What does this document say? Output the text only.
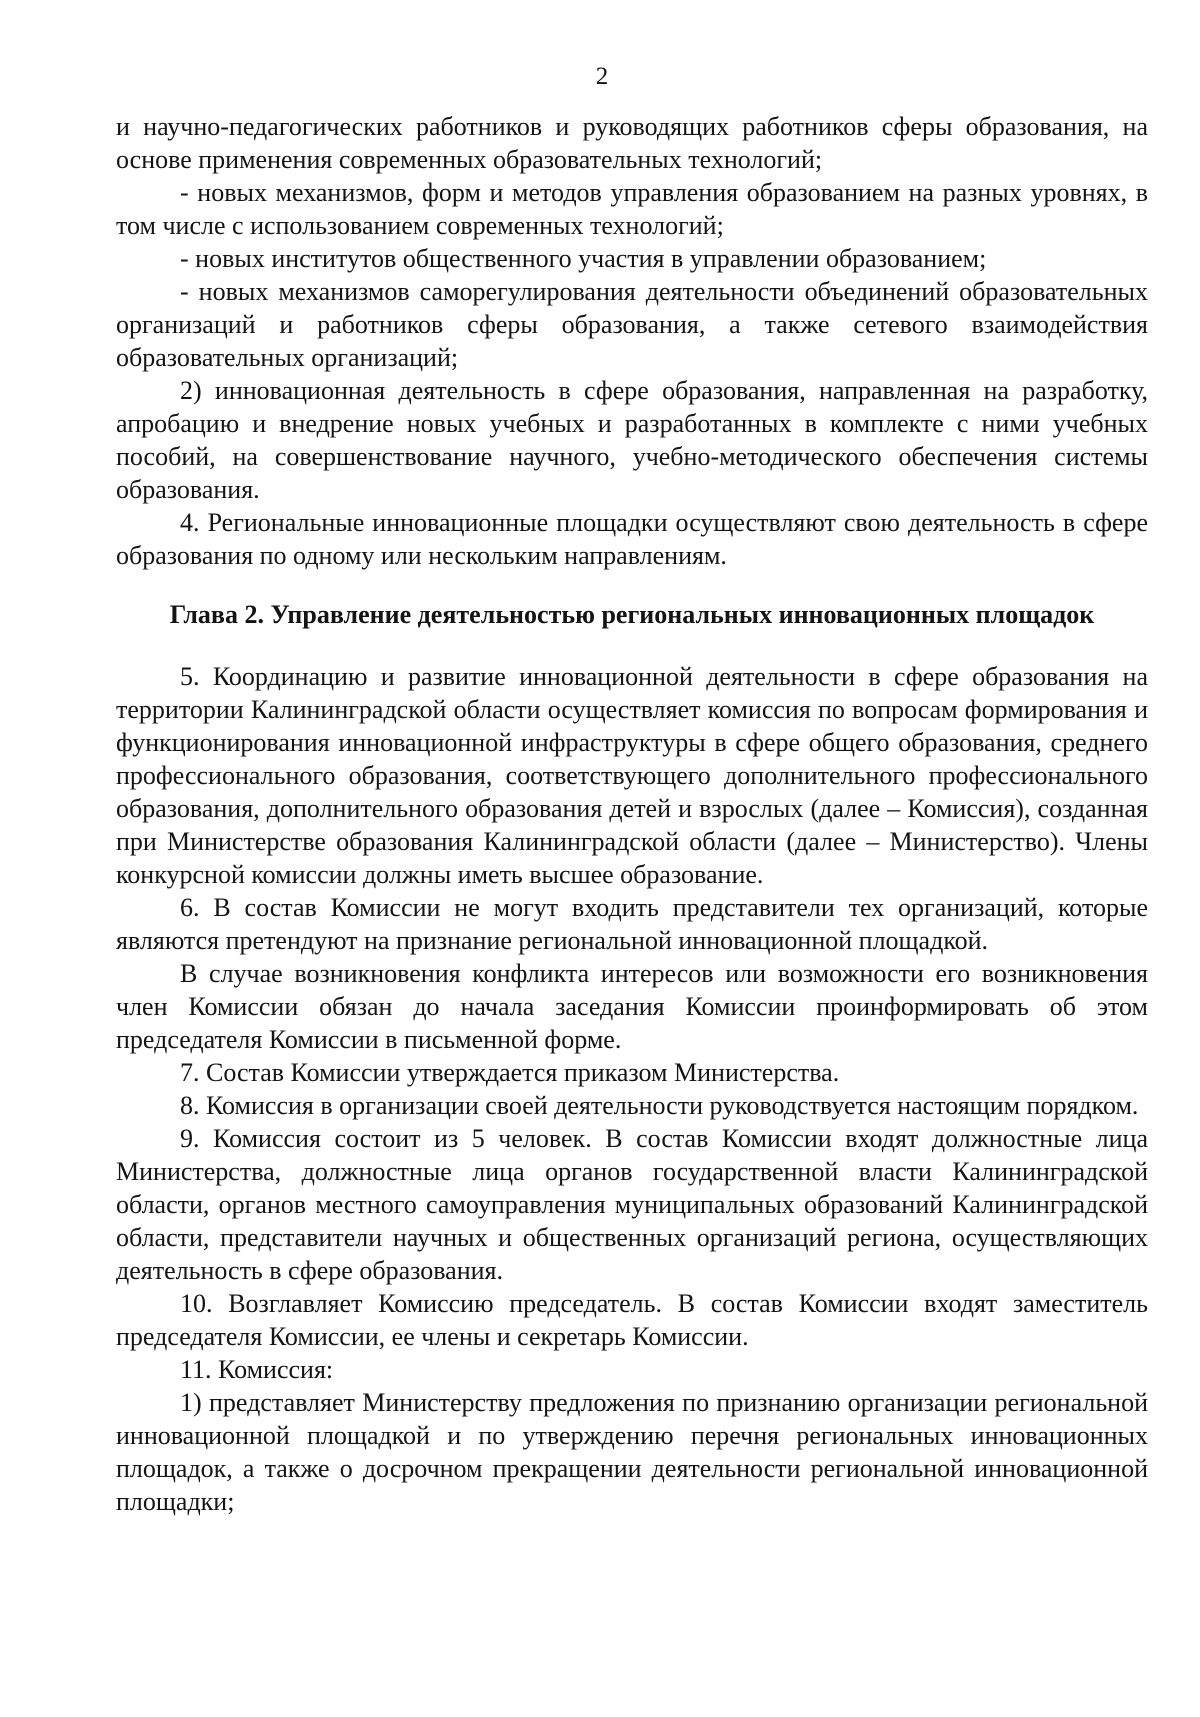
2

и научно-педагогических работников и руководящих работников сферы образования, на основе применения современных образовательных технологий;

- новых механизмов, форм и методов управления образованием на разных уровнях, в том числе с использованием современных технологий;

- новых институтов общественного участия в управлении образованием;

- новых механизмов саморегулирования деятельности объединений образовательных организаций и работников сферы образования, а также сетевого взаимодействия образовательных организаций;

2) инновационная деятельность в сфере образования, направленная на разработку, апробацию и внедрение новых учебных и разработанных в комплекте с ними учебных пособий, на совершенствование научного, учебно-методического обеспечения системы образования.

4. Региональные инновационные площадки осуществляют свою деятельность в сфере образования по одному или нескольким направлениям.

Глава 2. Управление деятельностью региональных инновационных площадок

5. Координацию и развитие инновационной деятельности в сфере образования на территории Калининградской области осуществляет комиссия по вопросам формирования и функционирования инновационной инфраструктуры в сфере общего образования, среднего профессионального образования, соответствующего дополнительного профессионального образования, дополнительного образования детей и взрослых (далее – Комиссия), созданная при Министерстве образования Калининградской области (далее – Министерство). Члены конкурсной комиссии должны иметь высшее образование.

6. В состав Комиссии не могут входить представители тех организаций, которые являются претендуют на признание региональной инновационной площадкой.

В случае возникновения конфликта интересов или возможности его возникновения член Комиссии обязан до начала заседания Комиссии проинформировать об этом председателя Комиссии в письменной форме.

7. Состав Комиссии утверждается приказом Министерства.

8. Комиссия в организации своей деятельности руководствуется настоящим порядком.

9. Комиссия состоит из 5 человек. В состав Комиссии входят должностные лица Министерства, должностные лица органов государственной власти Калининградской области, органов местного самоуправления муниципальных образований Калининградской области, представители научных и общественных организаций региона, осуществляющих деятельность в сфере образования.

10. Возглавляет Комиссию председатель. В состав Комиссии входят заместитель председателя Комиссии, ее члены и секретарь Комиссии.

11. Комиссия:

1) представляет Министерству предложения по признанию организации региональной инновационной площадкой и по утверждению перечня региональных инновационных площадок, а также о досрочном прекращении деятельности региональной инновационной площадки;
